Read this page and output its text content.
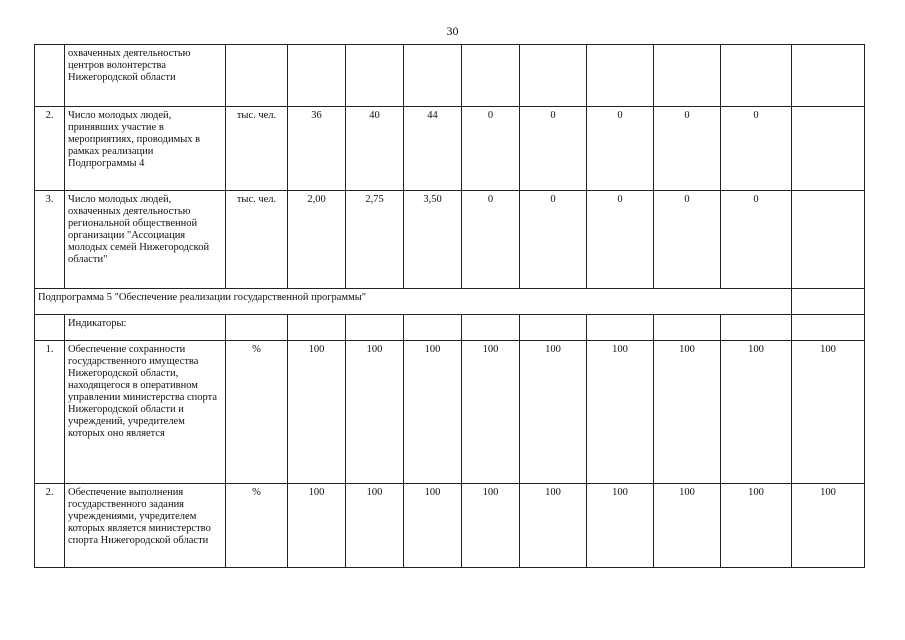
30
	охваченных деятельностью центров волонтерства Нижегородской области										
2.	Число молодых людей, принявших участие в мероприятиях, проводимых в рамках реализации Подпрограммы 4	тыс. чел.	36	40	44	0	0	0	0	0	
3.	Число молодых людей, охваченных деятельностью региональной общественной организации "Ассоциация молодых семей Нижегородской области"	тыс. чел.	2,00	2,75	3,50	0	0	0	0	0	
Подпрограмма 5 "Обеспечение реализации государственной программы"											
	Индикаторы:										
1.	Обеспечение сохранности государственного имущества Нижегородской области, находящегося в оперативном управлении министерства спорта Нижегородской области и учреждений, учредителем которых оно является	%	100	100	100	100	100	100	100	100	100
2.	Обеспечение выполнения государственного задания учреждениями, учредителем которых является министерство спорта Нижегородской области	%	100	100	100	100	100	100	100	100	100
